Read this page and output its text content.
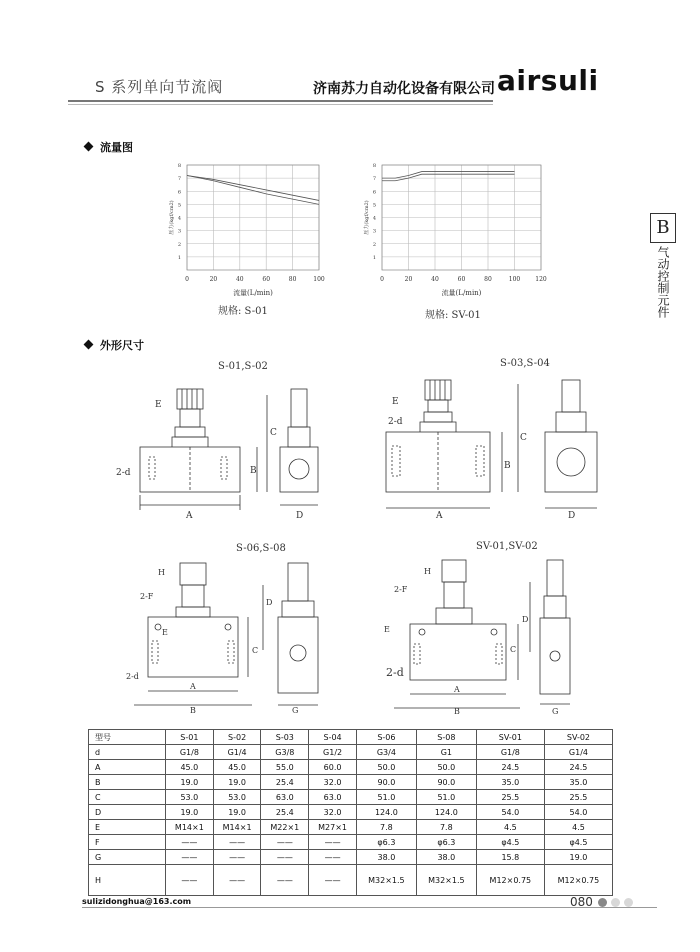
S 系列单向节流阀	济南苏力自动化设备有限公司 airsuli
B
气动控制元件
流量图
0	20	40	60	80	100
1
2
3
4
5
6
7
8
流量(L/min)
压力(kgf/cm2)
规格: S-01
0	20	40	60	80	100	120
1
2
3
4
5
6
7
8
流量(L/min)
压力(kgf/cm2)
规格: SV-01
外形尺寸
S-01,S-02	S-03,S-04
S-06,S-08	SV-01,SV-02
E
C
B
2-d
A	D
E
2-d
C
B
A	D
H
2-F
D
E
C
2-d
A
B	G
H
2-F
D
E
C
2-d
A
B	G
型号	S-01	S-02	S-03	S-04	S-06	S-08	SV-01	SV-02
d	G1/8	G1/4	G3/8	G1/2	G3/4	G1	G1/8	G1/4
A	45.0	45.0	55.0	60.0	50.0	50.0	24.5	24.5
B	19.0	19.0	25.4	32.0	90.0	90.0	35.0	35.0
C	53.0	53.0	63.0	63.0	51.0	51.0	25.5	25.5
D	19.0	19.0	25.4	32.0	124.0	124.0	54.0	54.0
E	M14×1	M14×1	M22×1	M27×1	7.8	7.8	4.5	4.5
F	——	——	——	——	φ6.3	φ6.3	φ4.5	φ4.5
G	——	——	——	——	38.0	38.0	15.8	19.0
H	——	——	——	——	M32×1.5	M32×1.5	M12×0.75	M12×0.75
sulizidonghua@163.com	080
